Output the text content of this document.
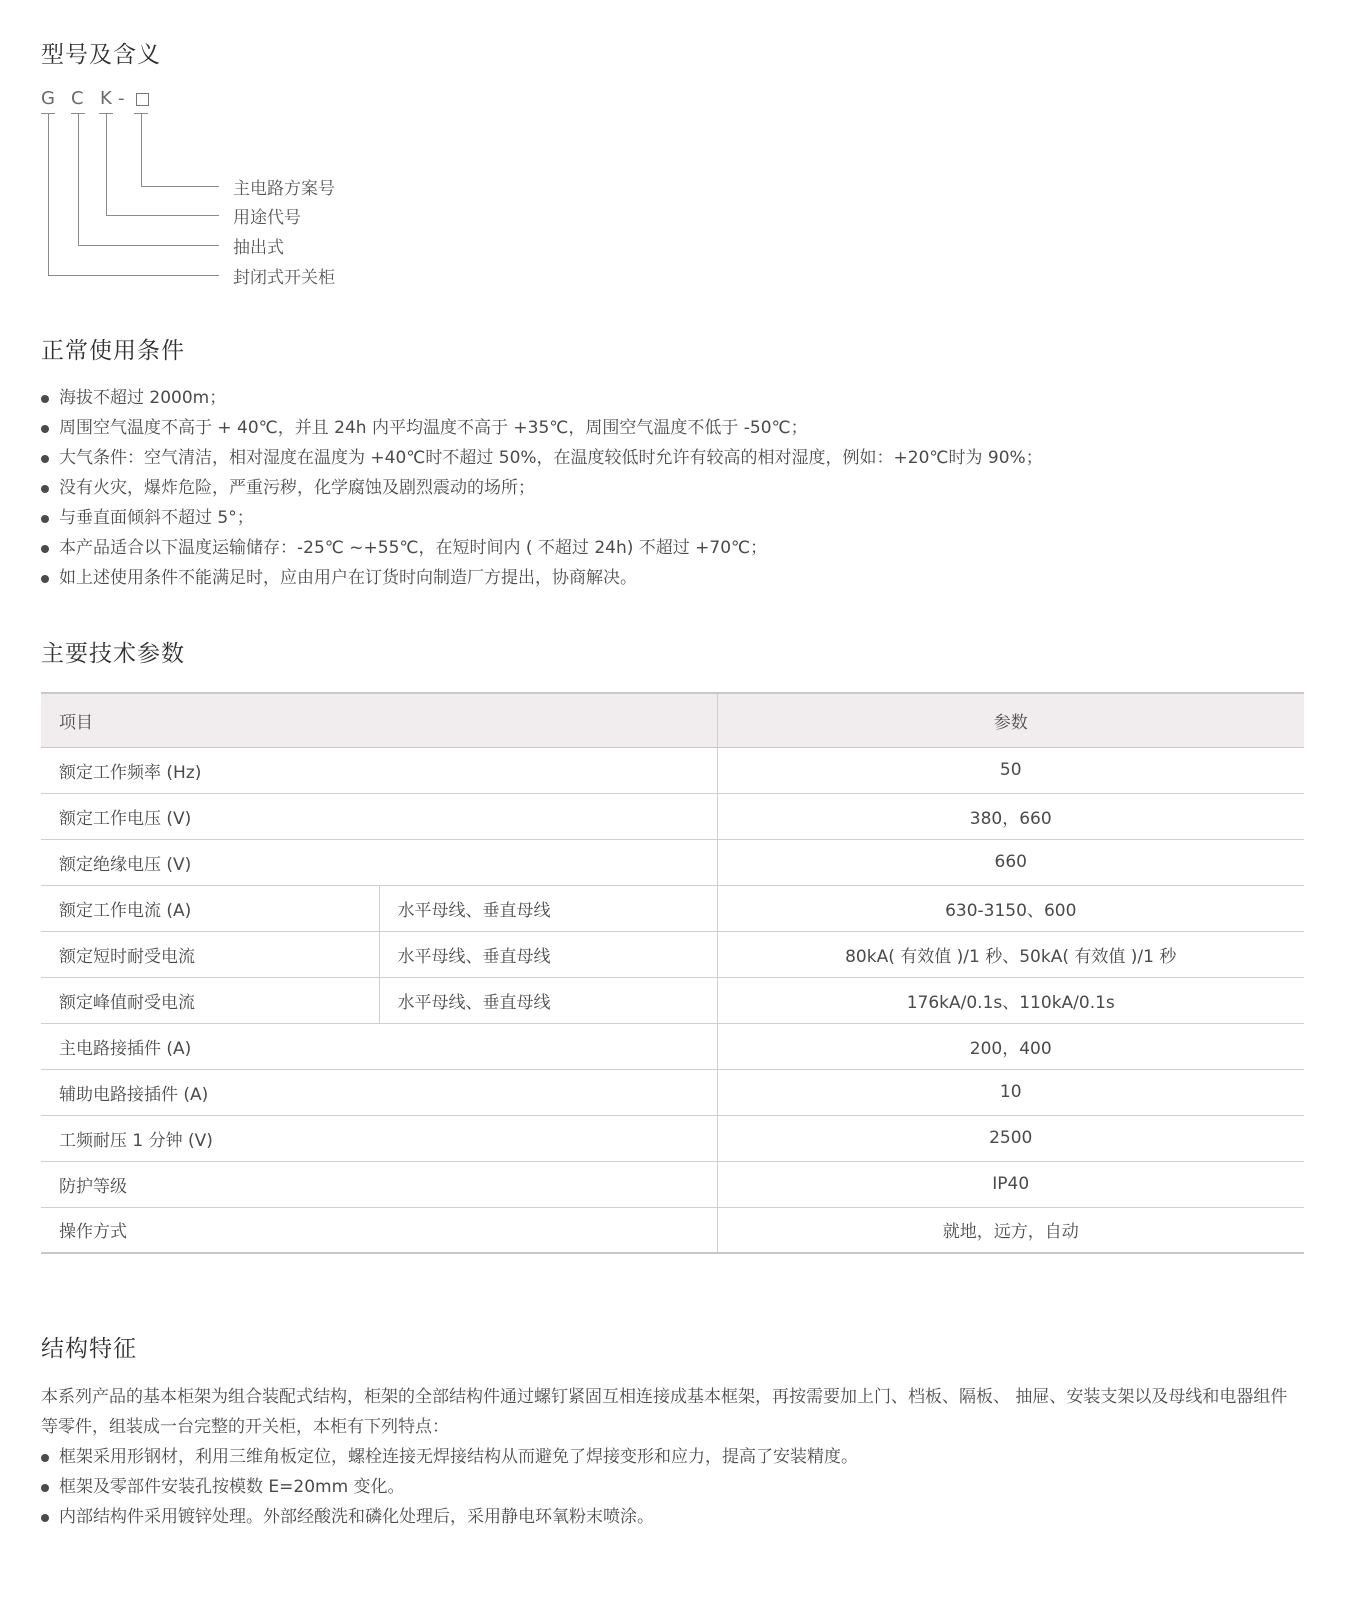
型号及含义
G C K -
主电路方案号
用途代号
抽出式
封闭式开关柜
正常使用条件
海拔不超过 2000m；
周围空气温度不高于 + 40℃，并且 24h 内平均温度不高于 +35℃，周围空气温度不低于 -50℃；
大气条件：空气清洁，相对湿度在温度为 +40℃时不超过 50%，在温度较低时允许有较高的相对湿度，例如：+20℃时为 90%；
没有火灾，爆炸危险，严重污秽，化学腐蚀及剧烈震动的场所；
与垂直面倾斜不超过 5°；
本产品适合以下温度运输储存：-25℃ ~+55℃，在短时间内 ( 不超过 24h) 不超过 +70℃；
如上述使用条件不能满足时，应由用户在订货时向制造厂方提出，协商解决。
主要技术参数
项目		参数
额定工作频率 (Hz)		50
额定工作电压 (V)		380，660
额定绝缘电压 (V)		660
额定工作电流 (A)	水平母线、垂直母线	630-3150、600
额定短时耐受电流	水平母线、垂直母线	80kA( 有效值 )/1 秒、50kA( 有效值 )/1 秒
额定峰值耐受电流	水平母线、垂直母线	176kA/0.1s、110kA/0.1s
主电路接插件 (A)		200，400
辅助电路接插件 (A)		10
工频耐压 1 分钟 (V)		2500
防护等级		IP40
操作方式		就地，远方，自动
结构特征

本系列产品的基本柜架为组合装配式结构，柜架的全部结构件通过螺钉紧固互相连接成基本框架，再按需要加上门、档板、隔板、 抽屉、安装支架以及母线和电器组件等零件，组装成一台完整的开关柜，本柜有下列特点：

框架采用形钢材，利用三维角板定位，螺栓连接无焊接结构从而避免了焊接变形和应力，提高了安装精度。
框架及零部件安装孔按模数 E=20mm 变化。
内部结构件采用镀锌处理。外部经酸洗和磷化处理后，采用静电环氧粉末喷涂。
